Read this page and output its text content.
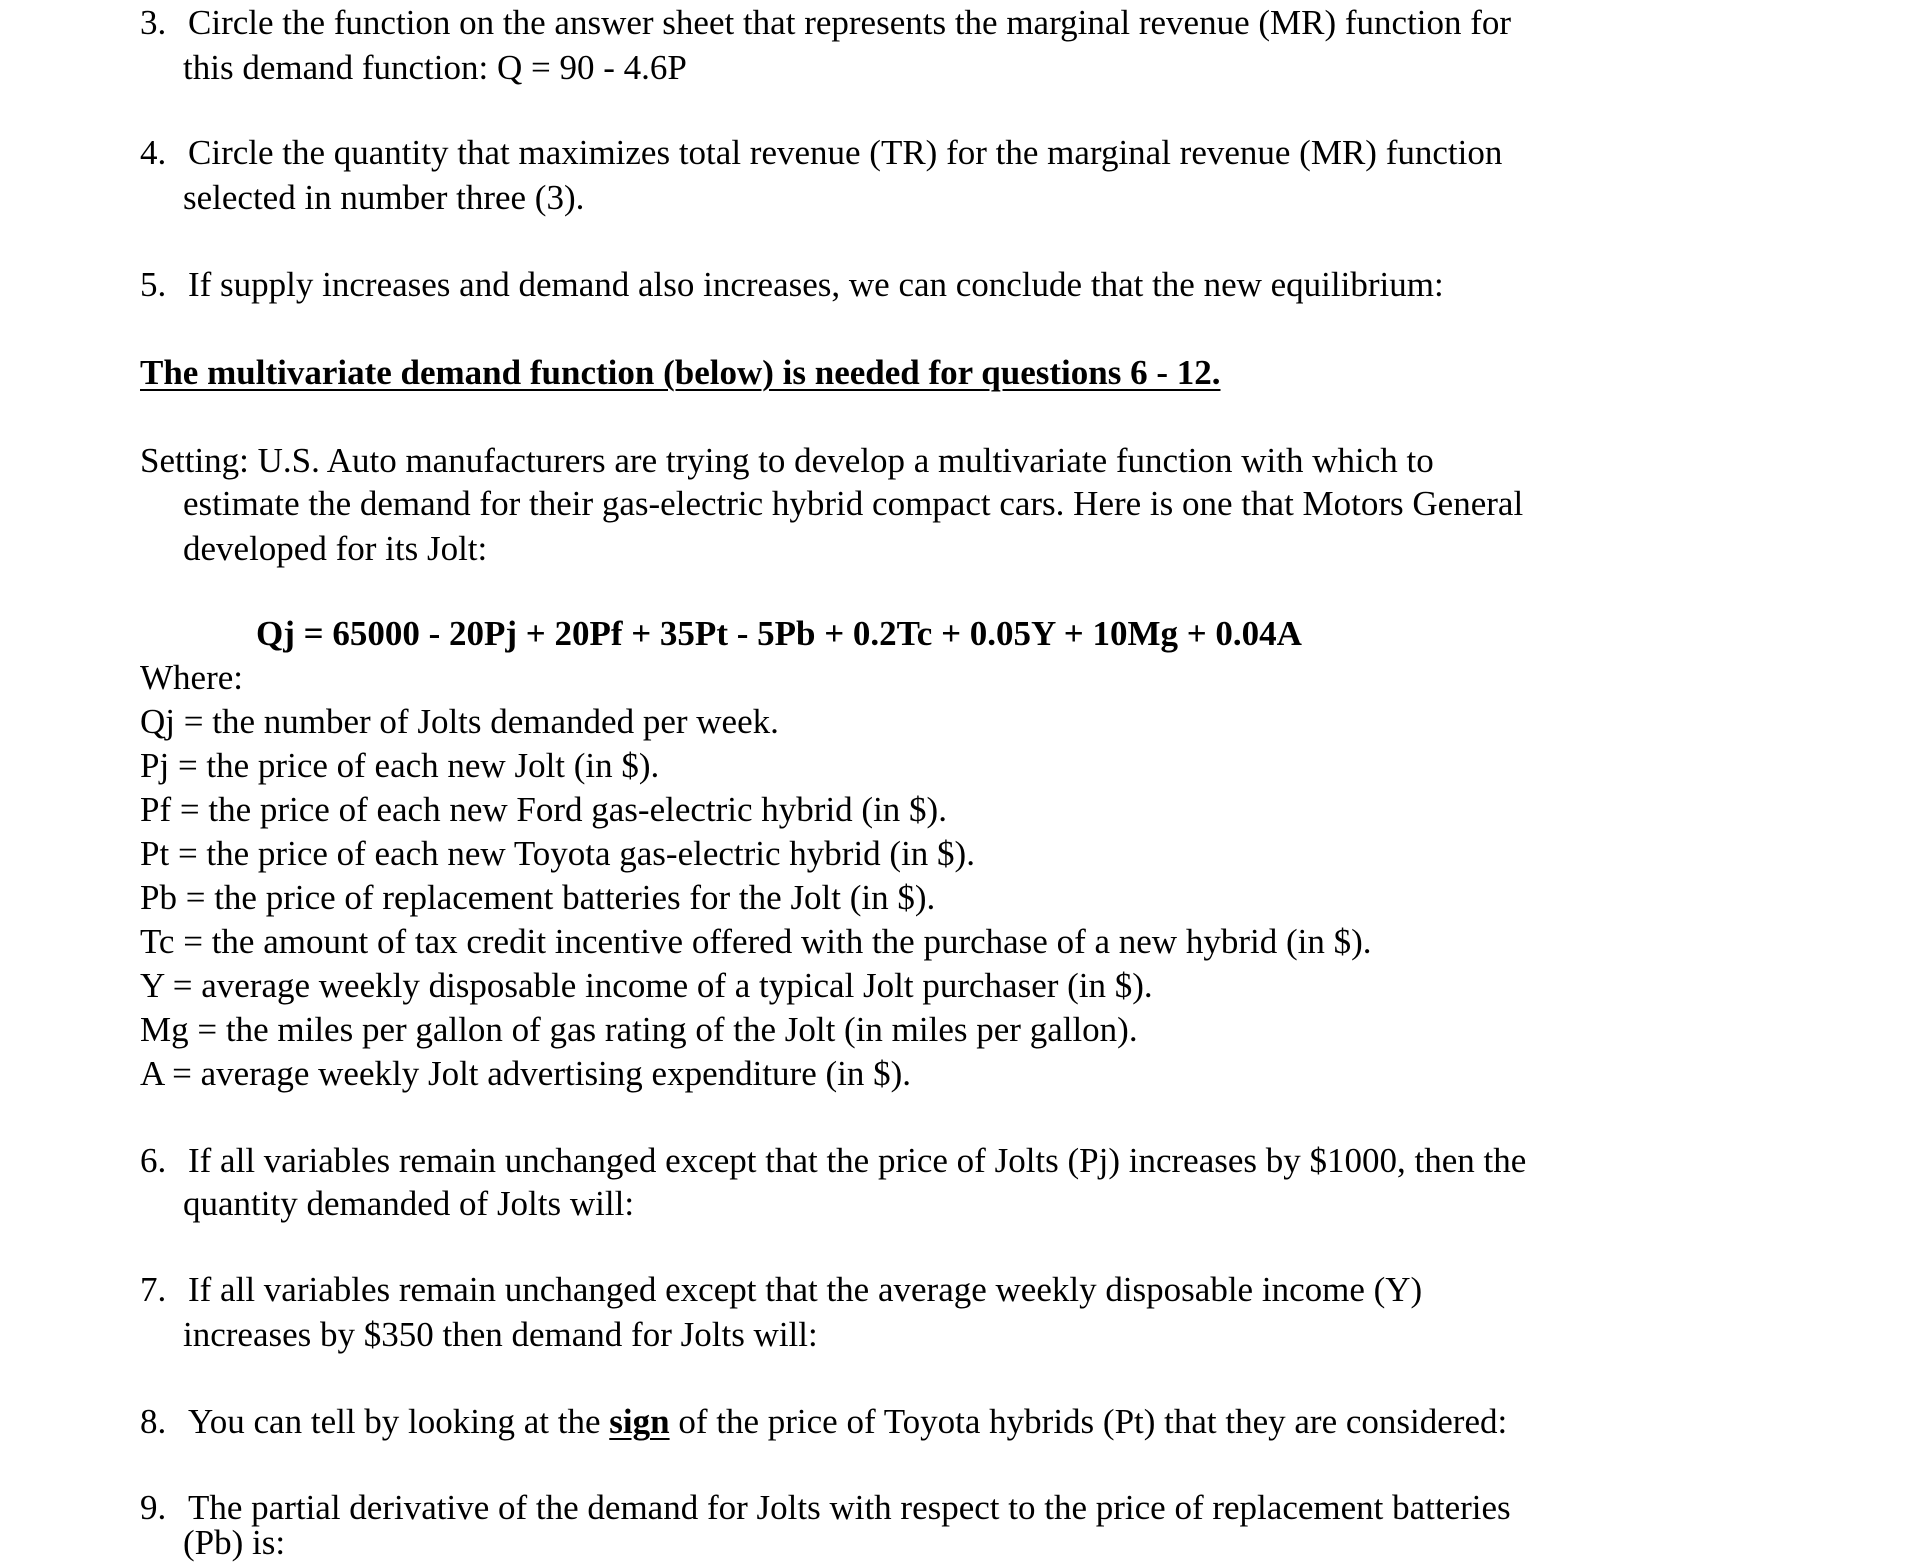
3. Circle the function on the answer sheet that represents the marginal revenue (MR) function for
this demand function: Q = 90 - 4.6P
4. Circle the quantity that maximizes total revenue (TR) for the marginal revenue (MR) function
selected in number three (3).
5. If supply increases and demand also increases, we can conclude that the new equilibrium:
The multivariate demand function (below) is needed for questions 6 - 12.
Setting: U.S. Auto manufacturers are trying to develop a multivariate function with which to
estimate the demand for their gas-electric hybrid compact cars. Here is one that Motors General
developed for its Jolt:
Qj = 65000 - 20Pj + 20Pf + 35Pt - 5Pb + 0.2Tc + 0.05Y + 10Mg + 0.04A
Where:
Qj = the number of Jolts demanded per week.
Pj = the price of each new Jolt (in $).
Pf = the price of each new Ford gas-electric hybrid (in $).
Pt = the price of each new Toyota gas-electric hybrid (in $).
Pb = the price of replacement batteries for the Jolt (in $).
Tc = the amount of tax credit incentive offered with the purchase of a new hybrid (in $).
Y = average weekly disposable income of a typical Jolt purchaser (in $).
Mg = the miles per gallon of gas rating of the Jolt (in miles per gallon).
A = average weekly Jolt advertising expenditure (in $).
6. If all variables remain unchanged except that the price of Jolts (Pj) increases by $1000, then the
quantity demanded of Jolts will:
7. If all variables remain unchanged except that the average weekly disposable income (Y)
increases by $350 then demand for Jolts will:
8. You can tell by looking at the sign of the price of Toyota hybrids (Pt) that they are considered:
9. The partial derivative of the demand for Jolts with respect to the price of replacement batteries
(Pb) is:
